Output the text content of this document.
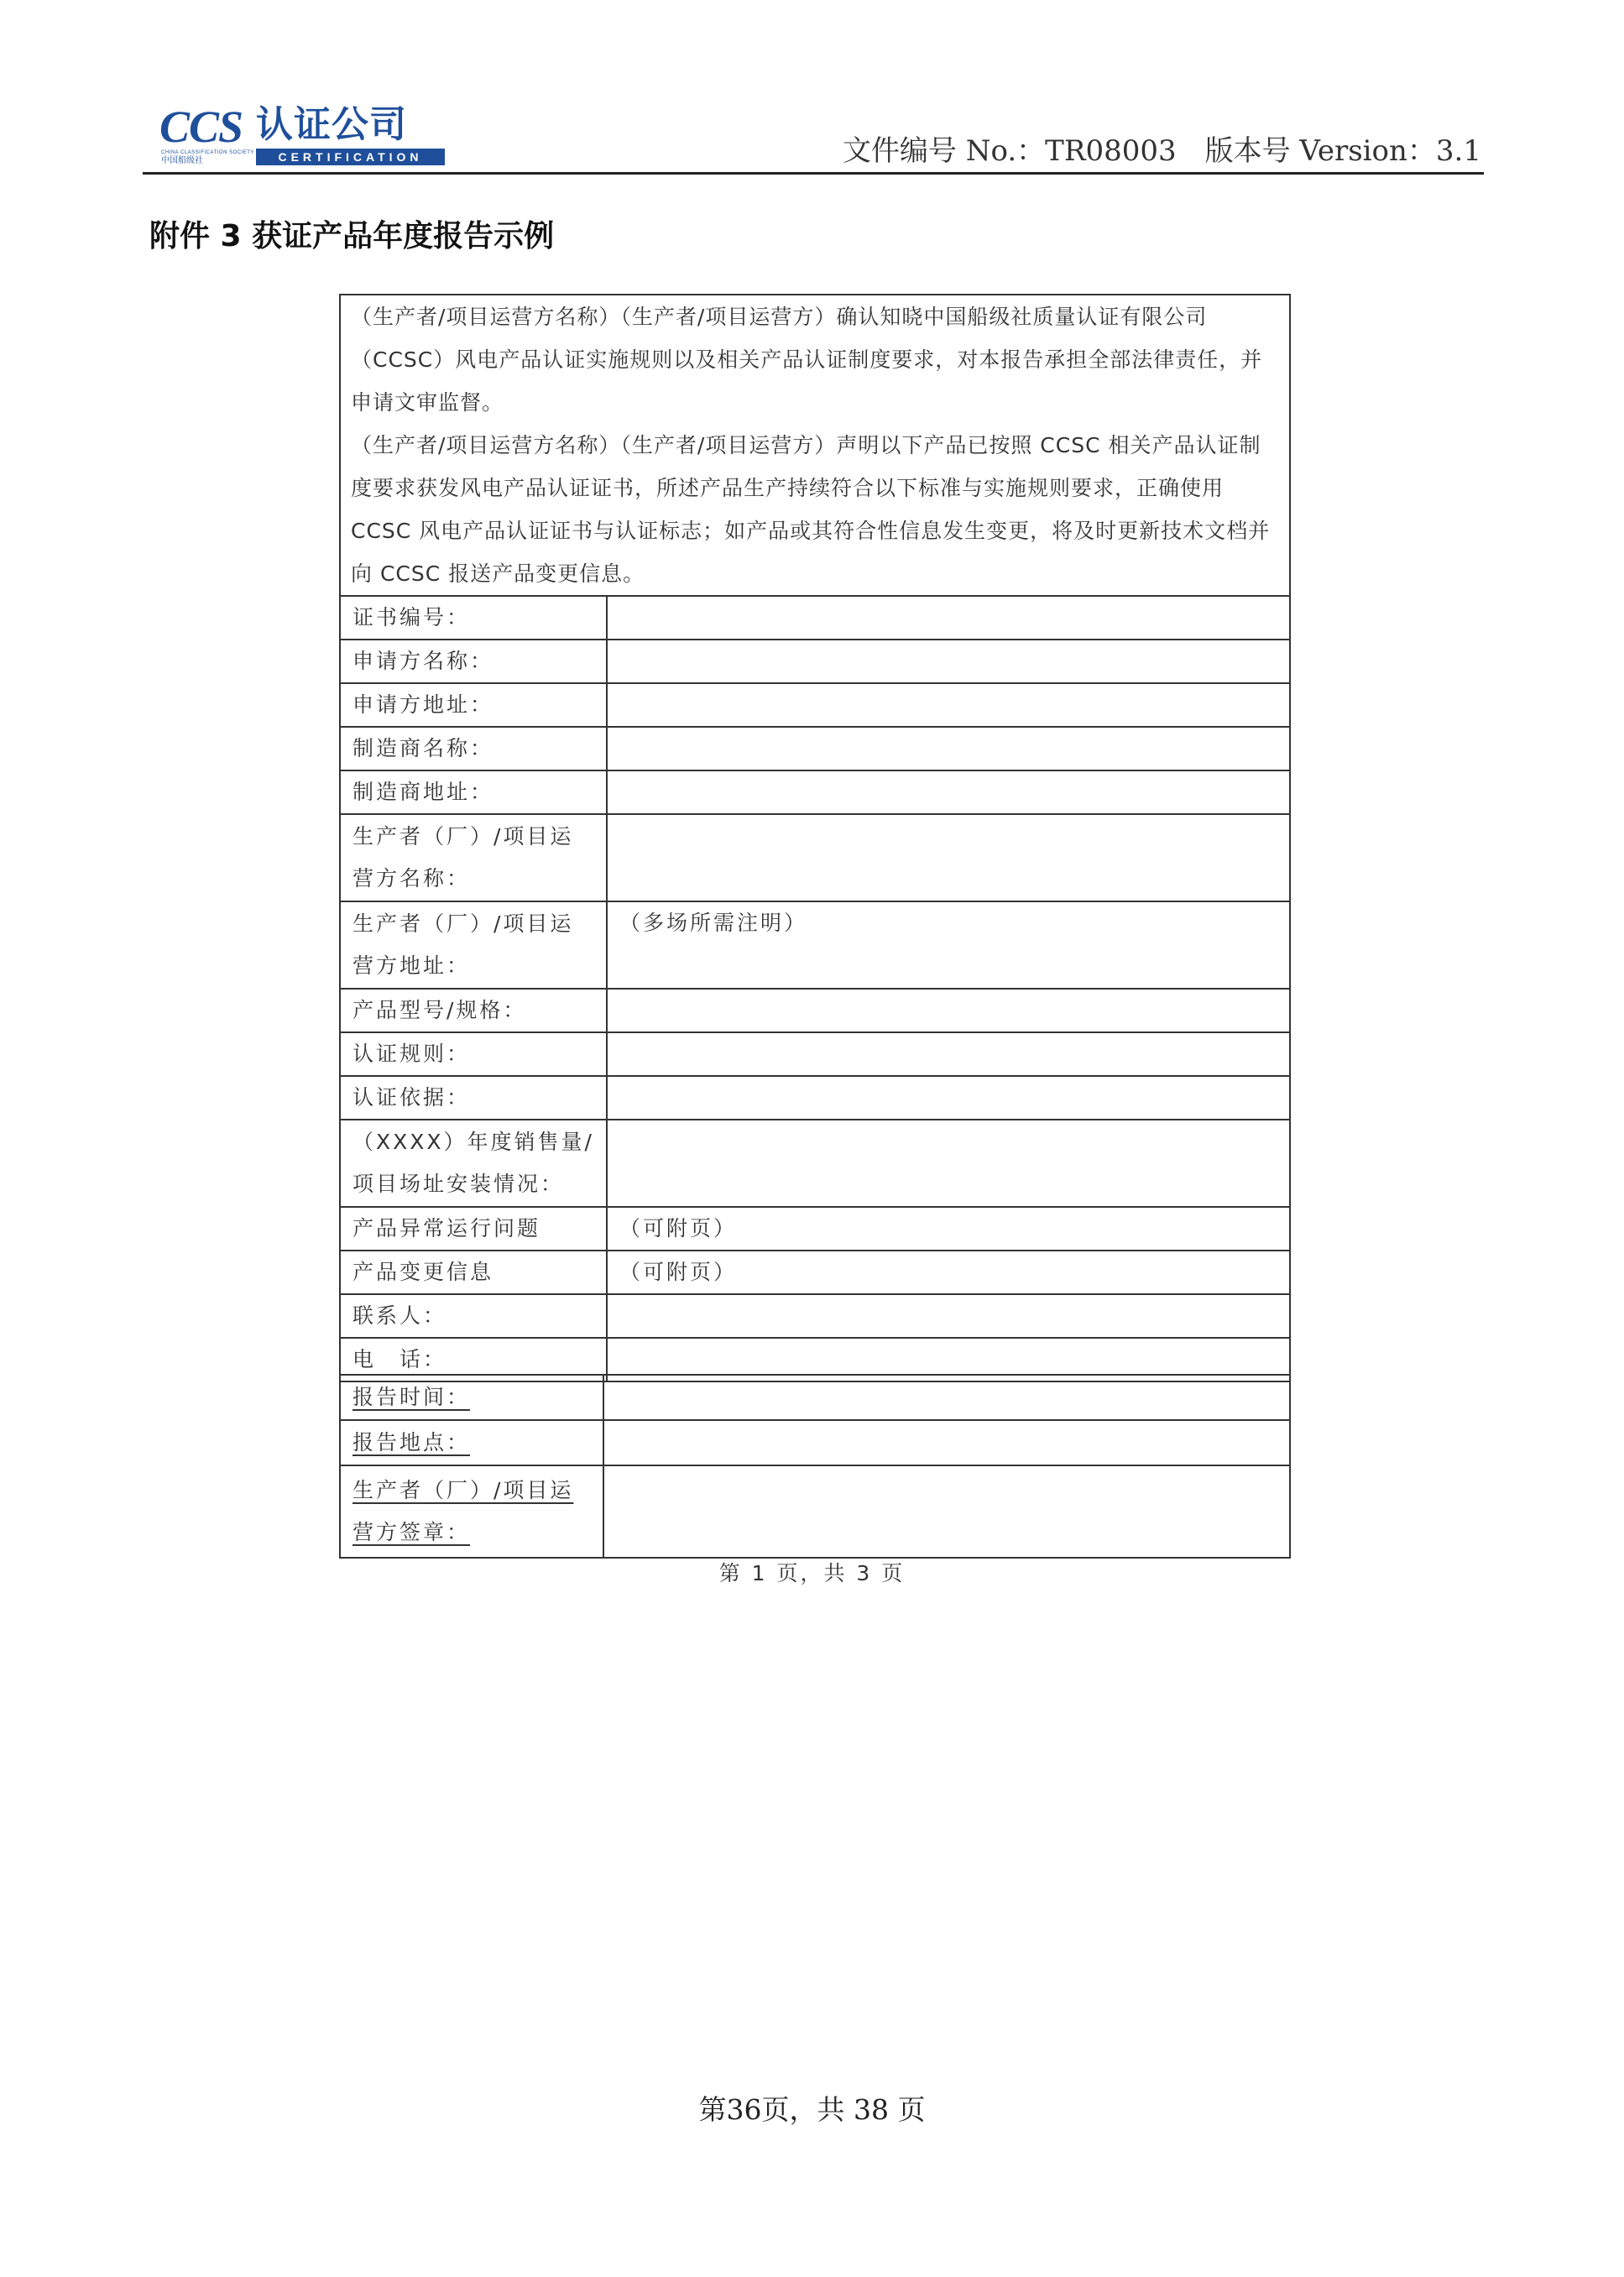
CCS
CHINA CLASSIFICATION SOCIETY
中国船级社
认证公司
CERTIFICATION	文件编号 No.：TR08003　版本号 Version：3.1
附件 3 获证产品年度报告示例
（生产者/项目运营方名称）（生产者/项目运营方）确认知晓中国船级社质量认证有限公司（CCSC）风电产品认证实施规则以及相关产品认证制度要求，对本报告承担全部法律责任，并申请文审监督。
（生产者/项目运营方名称）（生产者/项目运营方）声明以下产品已按照 CCSC 相关产品认证制度要求获发风电产品认证证书，所述产品生产持续符合以下标准与实施规则要求，正确使用 CCSC 风电产品认证证书与认证标志；如产品或其符合性信息发生变更，将及时更新技术文档并向 CCSC 报送产品变更信息。	

证书编号：	
申请方名称：	
申请方地址：	
制造商名称：	
制造商地址：	
生产者（厂）/项目运营方名称：	
生产者（厂）/项目运营方地址：	（多场所需注明）
产品型号/规格：	
认证规则：	
认证依据：	
（XXXX）年度销售量/项目场址安装情况：	
产品异常运行问题	（可附页）
产品变更信息	（可附页）
联系人：	
电　话：	
报告时间：	
报告地点：	
生产者（厂）/项目运营方签章：	
第 1 页，共 3 页
第36页，共 38 页
